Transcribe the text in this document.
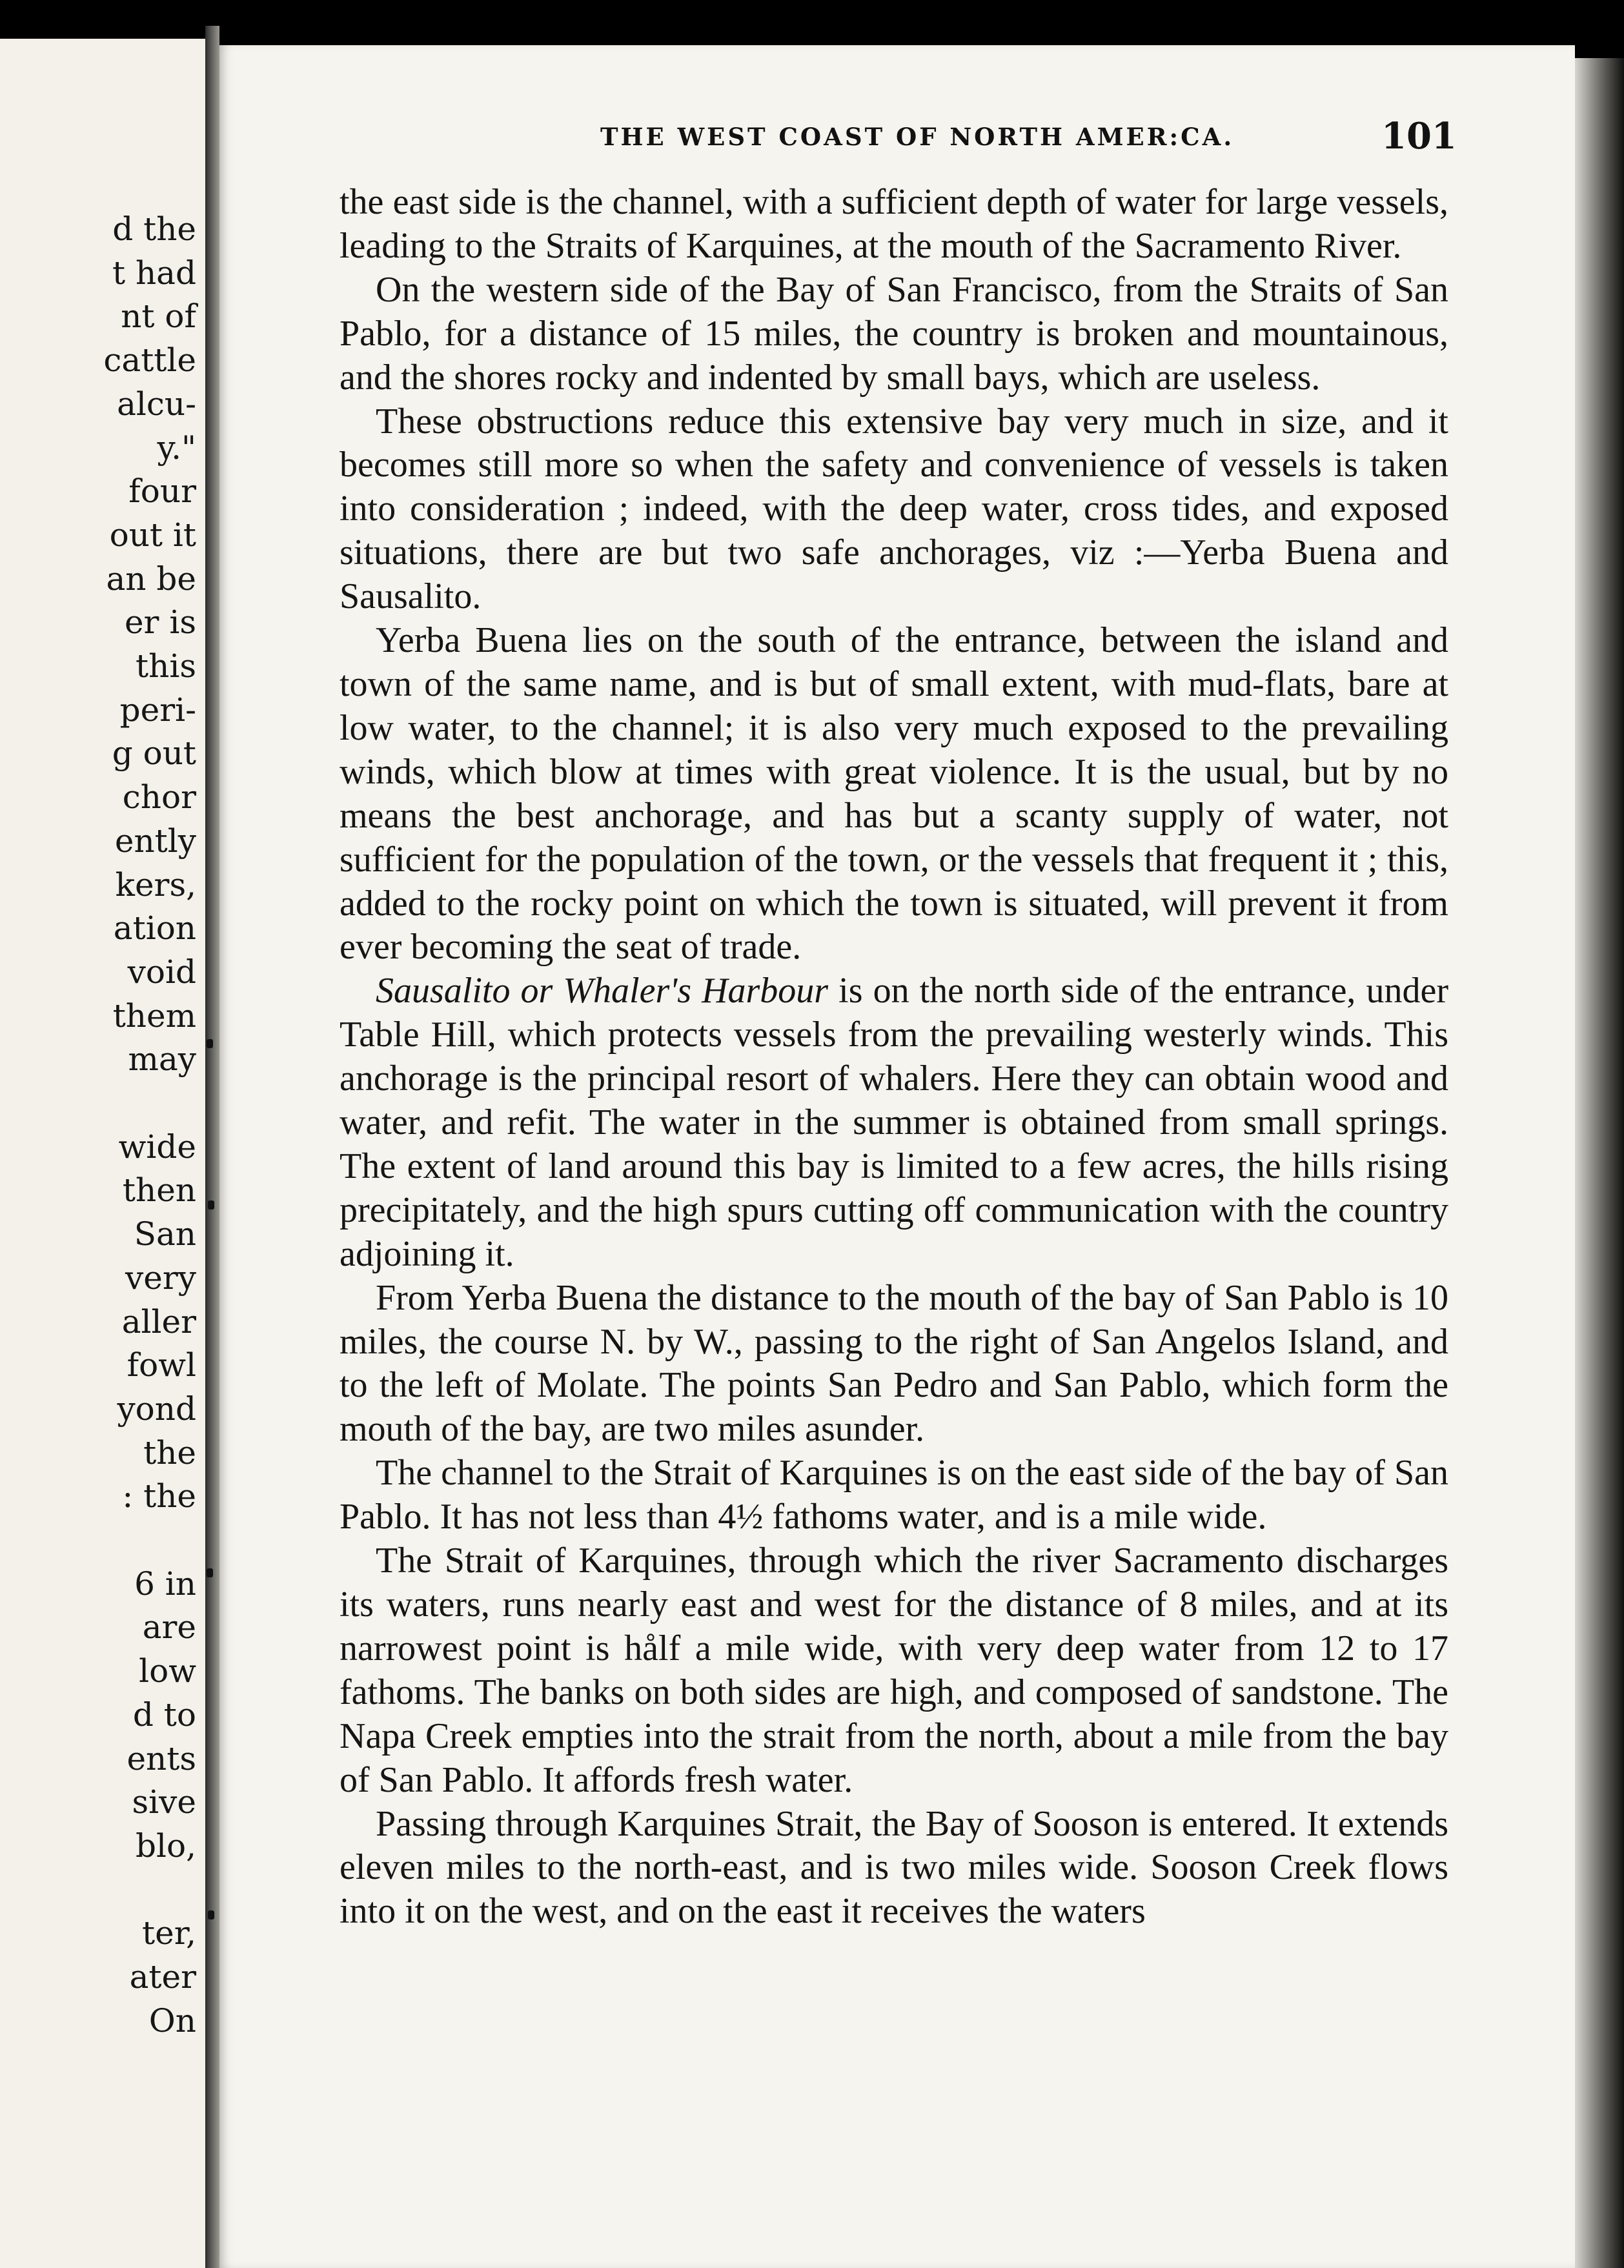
d the
t had
nt of
cattle
alcu-
y."
four
out it
an be
er is
this
peri-
g out
chor
ently
kers,
ation
void
them
may
wide
then
San
very
aller
fowl
yond
the
: the
6 in
are
low
d to
ents
sive
blo,
ter,
ater
On
THE WEST COAST OF NORTH AMER:CA.	101

the east side is the channel, with a sufficient depth of water for large vessels, leading to the Straits of Karquines, at the mouth of the Sacramento River.

On the western side of the Bay of San Francisco, from the Straits of San Pablo, for a distance of 15 miles, the country is broken and mountainous, and the shores rocky and indented by small bays, which are useless.

These obstructions reduce this extensive bay very much in size, and it becomes still more so when the safety and convenience of vessels is taken into consideration ; indeed, with the deep water, cross tides, and exposed situations, there are but two safe anchorages, viz :—Yerba Buena and Sausalito.

Yerba Buena lies on the south of the entrance, between the island and town of the same name, and is but of small extent, with mud-flats, bare at low water, to the channel; it is also very much exposed to the prevailing winds, which blow at times with great violence. It is the usual, but by no means the best anchorage, and has but a scanty supply of water, not sufficient for the population of the town, or the vessels that frequent it ; this, added to the rocky point on which the town is situated, will prevent it from ever becoming the seat of trade.

Sausalito or Whaler's Harbour is on the north side of the entrance, under Table Hill, which protects vessels from the prevailing westerly winds. This anchorage is the principal resort of whalers. Here they can obtain wood and water, and refit. The water in the summer is obtained from small springs. The extent of land around this bay is limited to a few acres, the hills rising precipitately, and the high spurs cutting off communication with the country adjoining it.

From Yerba Buena the distance to the mouth of the bay of San Pablo is 10 miles, the course N. by W., passing to the right of San Angelos Island, and to the left of Molate. The points San Pedro and San Pablo, which form the mouth of the bay, are two miles asunder.

The channel to the Strait of Karquines is on the east side of the bay of San Pablo. It has not less than 4½ fathoms water, and is a mile wide.

The Strait of Karquines, through which the river Sacramento discharges its waters, runs nearly east and west for the distance of 8 miles, and at its narrowest point is hålf a mile wide, with very deep water from 12 to 17 fathoms. The banks on both sides are high, and composed of sandstone. The Napa Creek empties into the strait from the north, about a mile from the bay of San Pablo. It affords fresh water.

Passing through Karquines Strait, the Bay of Sooson is entered. It extends eleven miles to the north-east, and is two miles wide. Sooson Creek flows into it on the west, and on the east it receives the waters
